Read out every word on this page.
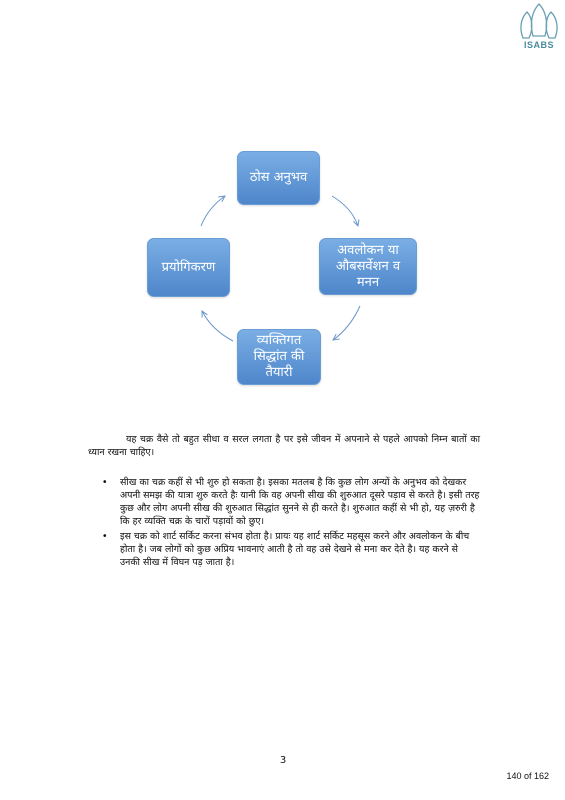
ISABS
ठोस अनुभव
अवलोकन या औबसर्वेशन व मनन
व्यक्तिगत सिद्धांत की तैयारी
प्रयोगिकरण
यह चक्र वैसे तो बहुत सीधा व सरल लगता है पर इसे जीवन में अपनाने से पहले आपको निम्न बातों का ध्यान रखना चाहिए।
• सीख का चक्र कहीं से भी शुरु हो सकता है। इसका मतलब है कि कुछ लोग अन्यों के अनुभव को देखकर अपनी समझ की यात्रा शुरु करते हैः यानी कि वह अपनी सीख की शुरुआत दूसरे पड़ाव से करते है। इसी तरह कुछ और लोग अपनी सीख की शुरुआत सिद्धांत सुनने से ही करते है। शुरुआत कहीं से भी हो, यह ज़रुरी है कि हर व्यक्ति चक्र के चारों पड़ावों को छुए।
• इस चक्र को शार्ट सर्किट करना संभव होता है। प्रायः यह शार्ट सर्किट महसूस करने और अवलोकन के बीच होता है। जब लोगों को कुछ अप्रिय भावनाएं आती है तो वह उसे देखने से मना कर देते है। यह करने से उनकी सीख में विघन पड़ जाता है।
3
140 of 162
